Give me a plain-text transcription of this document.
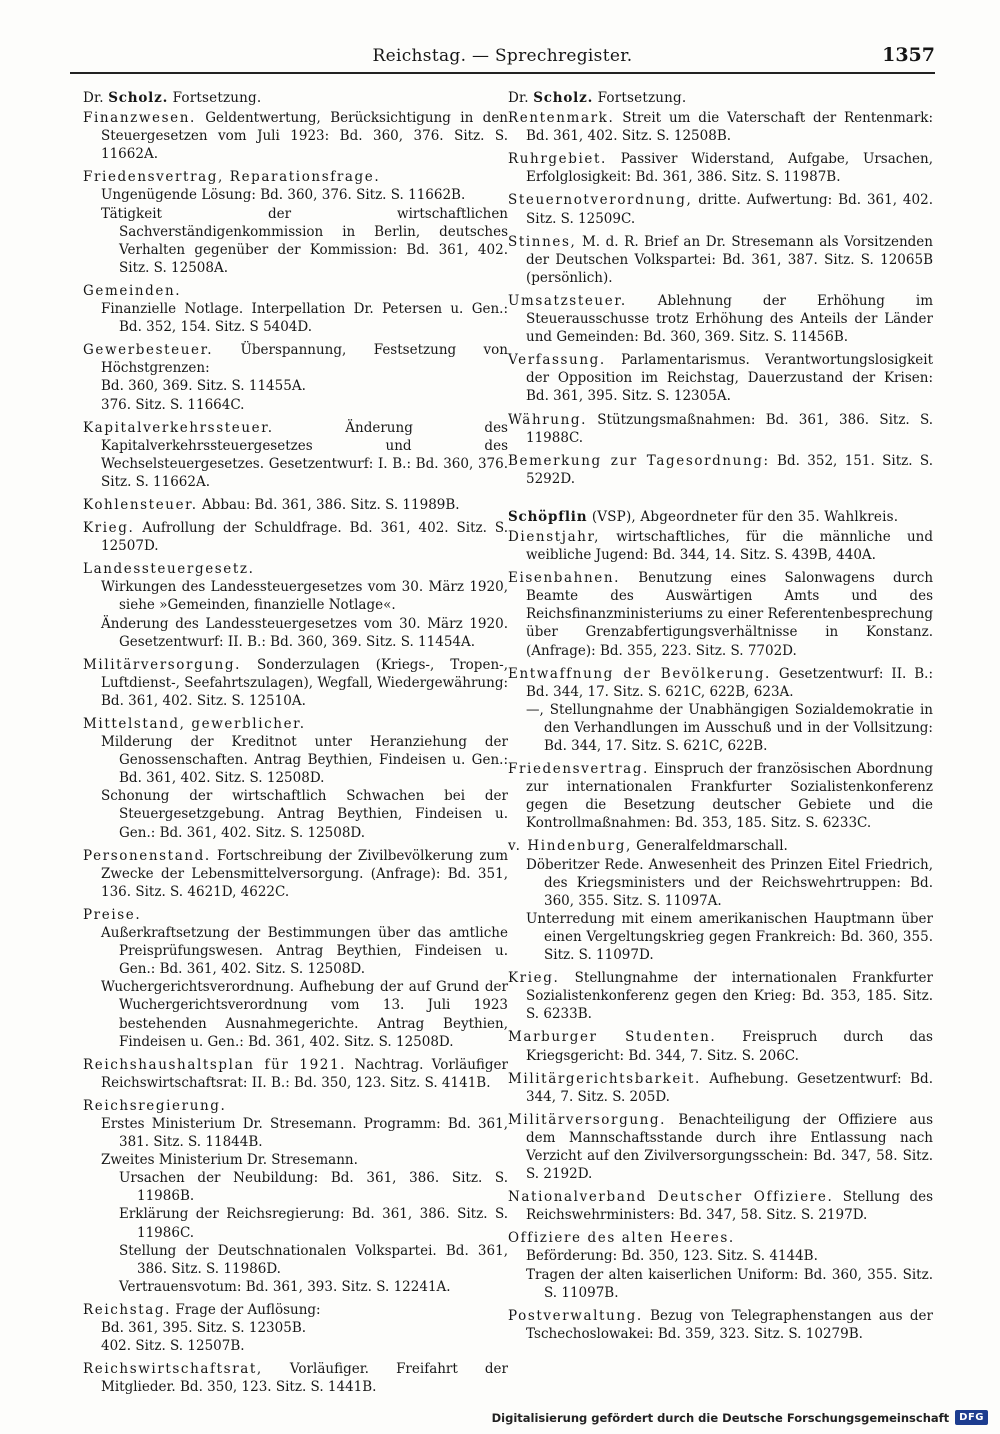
Reichstag. — Sprechregister.	1357
Dr. Scholz. Fortsetzung.
Finanzwesen. Geldentwertung, Berücksichtigung in den Steuergesetzen vom Juli 1923: Bd. 360, 376. Sitz. S. 11662A.
Friedensvertrag, Reparationsfrage.
Ungenügende Lösung: Bd. 360, 376. Sitz. S. 11662B.
Tätigkeit der wirtschaftlichen Sachverständigenkommission in Berlin, deutsches Verhalten gegenüber der Kommission: Bd. 361, 402. Sitz. S. 12508A.
Gemeinden.
Finanzielle Notlage. Interpellation Dr. Petersen u. Gen.: Bd. 352, 154. Sitz. S 5404D.
Gewerbesteuer. Überspannung, Festsetzung von Höchstgrenzen:
Bd. 360, 369. Sitz. S. 11455A.
376. Sitz. S. 11664C.
Kapitalverkehrssteuer.	Änderung des Kapitalverkehrssteuergesetzes und des Wechselsteuergesetzes. Gesetzentwurf: I. B.: Bd. 360, 376. Sitz. S. 11662A.
Kohlensteuer. Abbau: Bd. 361, 386. Sitz. S. 11989B.
Krieg. Aufrollung der Schuldfrage. Bd. 361, 402. Sitz. S. 12507D.
Landessteuergesetz.
Wirkungen des Landessteuergesetzes vom 30. März 1920, siehe »Gemeinden, finanzielle Notlage«.
Änderung des Landessteuergesetzes vom 30. März 1920. Gesetzentwurf: II. B.: Bd. 360, 369. Sitz. S. 11454A.
Militärversorgung. Sonderzulagen (Kriegs-, Tropen-, Luftdienst-, Seefahrtszulagen), Wegfall, Wiedergewährung: Bd. 361, 402. Sitz. S. 12510A.
Mittelstand, gewerblicher.
Milderung der Kreditnot unter Heranziehung der Genossenschaften. Antrag Beythien, Findeisen u. Gen.: Bd. 361, 402. Sitz. S. 12508D.
Schonung der wirtschaftlich Schwachen bei der Steuergesetzgebung. Antrag Beythien, Findeisen u. Gen.: Bd. 361, 402. Sitz. S. 12508D.
Personenstand. Fortschreibung der Zivilbevölkerung zum Zwecke der Lebensmittelversorgung. (Anfrage): Bd. 351, 136. Sitz. S. 4621D, 4622C.
Preise.
Außerkraftsetzung der Bestimmungen über das amtliche Preisprüfungswesen. Antrag Beythien, Findeisen u. Gen.: Bd. 361, 402. Sitz. S. 12508D.
Wuchergerichtsverordnung. Aufhebung der auf Grund der Wuchergerichtsverordnung vom 13. Juli 1923 bestehenden Ausnahmegerichte. Antrag Beythien, Findeisen u. Gen.: Bd. 361, 402. Sitz. S. 12508D.
Reichshaushaltsplan für 1921. Nachtrag. Vorläufiger Reichswirtschaftsrat: II. B.: Bd. 350, 123. Sitz. S. 4141B.
Reichsregierung.
Erstes Ministerium Dr. Stresemann. Programm: Bd. 361, 381. Sitz. S. 11844B.
Zweites Ministerium Dr. Stresemann.
Ursachen der Neubildung: Bd. 361, 386. Sitz. S. 11986B.
Erklärung der Reichsregierung: Bd. 361, 386. Sitz. S. 11986C.
Stellung der Deutschnationalen Volkspartei. Bd. 361, 386. Sitz. S. 11986D.
Vertrauensvotum: Bd. 361, 393. Sitz. S. 12241A.
Reichstag. Frage der Auflösung:
Bd. 361, 395. Sitz. S. 12305B.
402. Sitz. S. 12507B.
Reichswirtschaftsrat, Vorläufiger. Freifahrt der Mitglieder. Bd. 350, 123. Sitz. S. 1441B.
Dr. Scholz. Fortsetzung.
Rentenmark. Streit um die Vaterschaft der Rentenmark: Bd. 361, 402. Sitz. S. 12508B.
Ruhrgebiet. Passiver Widerstand, Aufgabe, Ursachen, Erfolglosigkeit: Bd. 361, 386. Sitz. S. 11987B.
Steuernotverordnung, dritte. Aufwertung: Bd. 361, 402. Sitz. S. 12509C.
Stinnes, M. d. R. Brief an Dr. Stresemann als Vorsitzenden der Deutschen Volkspartei: Bd. 361, 387. Sitz. S. 12065B (persönlich).
Umsatzsteuer. Ablehnung der Erhöhung im Steuerausschusse trotz Erhöhung des Anteils der Länder und Gemeinden: Bd. 360, 369. Sitz. S. 11456B.
Verfassung. Parlamentarismus. Verantwortungslosigkeit der Opposition im Reichstag, Dauerzustand der Krisen: Bd. 361, 395. Sitz. S. 12305A.
Währung. Stützungsmaßnahmen: Bd. 361, 386. Sitz. S. 11988C.
Bemerkung zur Tagesordnung: Bd. 352, 151. Sitz. S. 5292D.
Schöpflin (VSP), Abgeordneter für den 35. Wahlkreis.
Dienstjahr, wirtschaftliches, für die männliche und weibliche Jugend: Bd. 344, 14. Sitz. S. 439B, 440A.
Eisenbahnen. Benutzung eines Salonwagens durch Beamte des Auswärtigen Amts und des Reichsfinanzministeriums zu einer Referentenbesprechung über Grenzabfertigungsverhältnisse in Konstanz. (Anfrage): Bd. 355, 223. Sitz. S. 7702D.
Entwaffnung der Bevölkerung. Gesetzentwurf: II. B.: Bd. 344, 17. Sitz. S. 621C, 622B, 623A.
—, Stellungnahme der Unabhängigen Sozialdemokratie in den Verhandlungen im Ausschuß und in der Vollsitzung: Bd. 344, 17. Sitz. S. 621C, 622B.
Friedensvertrag. Einspruch der französischen Abordnung zur internationalen Frankfurter Sozialistenkonferenz gegen die Besetzung deutscher Gebiete und die Kontrollmaßnahmen: Bd. 353, 185. Sitz. S. 6233C.
v. Hindenburg, Generalfeldmarschall.
Döberitzer Rede. Anwesenheit des Prinzen Eitel Friedrich, des Kriegsministers und der Reichswehrtruppen: Bd. 360, 355. Sitz. S. 11097A.
Unterredung mit einem amerikanischen Hauptmann über einen Vergeltungskrieg gegen Frankreich: Bd. 360, 355. Sitz. S. 11097D.
Krieg. Stellungnahme der internationalen Frankfurter Sozialistenkonferenz gegen den Krieg: Bd. 353, 185. Sitz. S. 6233B.
Marburger Studenten. Freispruch durch das Kriegsgericht: Bd. 344, 7. Sitz. S. 206C.
Militärgerichtsbarkeit. Aufhebung. Gesetzentwurf: Bd. 344, 7. Sitz. S. 205D.
Militärversorgung. Benachteiligung der Offiziere aus dem Mannschaftsstande durch ihre Entlassung nach Verzicht auf den Zivilversorgungsschein: Bd. 347, 58. Sitz. S. 2192D.
Nationalverband Deutscher Offiziere. Stellung des Reichswehrministers: Bd. 347, 58. Sitz. S. 2197D.
Offiziere des alten Heeres.
Beförderung: Bd. 350, 123. Sitz. S. 4144B.
Tragen der alten kaiserlichen Uniform: Bd. 360, 355. Sitz. S. 11097B.
Postverwaltung. Bezug von Telegraphenstangen aus der Tschechoslowakei: Bd. 359, 323. Sitz. S. 10279B.
Digitalisierung gefördert durch die Deutsche Forschungsgemeinschaft	DFG
